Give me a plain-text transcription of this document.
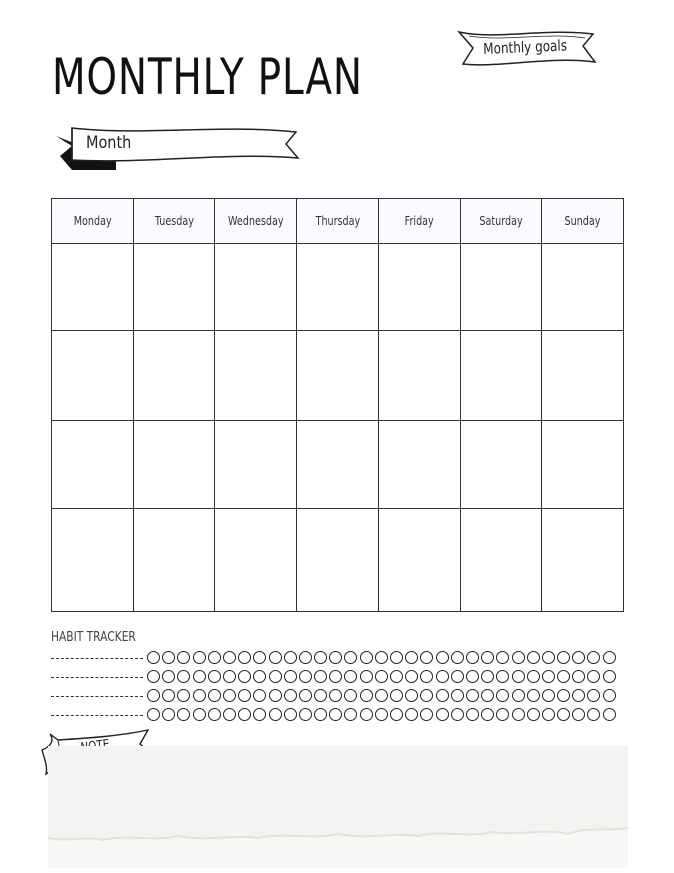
MONTHLY PLAN
Monthly goals
Month
Monday	Tuesday	Wednesday	Thursday	Friday	Saturday	Sunday

HABIT TRACKER
